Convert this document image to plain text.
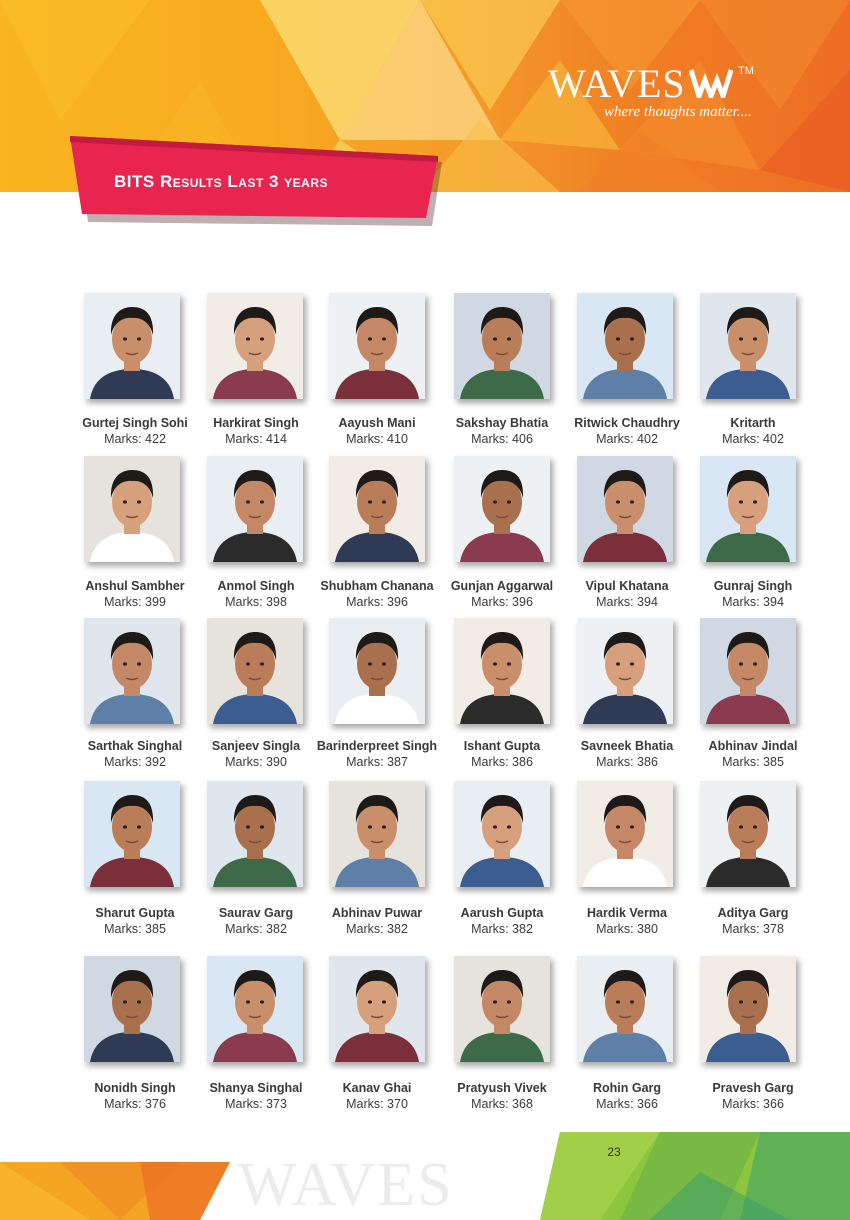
WAVES	TM
where thoughts matter....
BITS Results Last 3 years
Gurtej Singh Sohi
Marks: 422
Harkirat Singh
Marks: 414
Aayush Mani
Marks: 410
Sakshay Bhatia
Marks: 406
Ritwick Chaudhry
Marks: 402
Kritarth
Marks: 402
Anshul Sambher
Marks: 399
Anmol Singh
Marks: 398
Shubham Chanana
Marks: 396
Gunjan Aggarwal
Marks: 396
Vipul Khatana
Marks: 394
Gunraj Singh
Marks: 394
Sarthak Singhal
Marks: 392
Sanjeev Singla
Marks: 390
Barinderpreet Singh
Marks: 387
Ishant Gupta
Marks: 386
Savneek Bhatia
Marks: 386
Abhinav Jindal
Marks: 385
Sharut Gupta
Marks: 385
Saurav Garg
Marks: 382
Abhinav Puwar
Marks: 382
Aarush Gupta
Marks: 382
Hardik Verma
Marks: 380
Aditya Garg
Marks: 378
Nonidh Singh
Marks: 376
Shanya Singhal
Marks: 373
Kanav Ghai
Marks: 370
Pratyush Vivek
Marks: 368
Rohin Garg
Marks: 366
Pravesh Garg
Marks: 366
WAVES	23
